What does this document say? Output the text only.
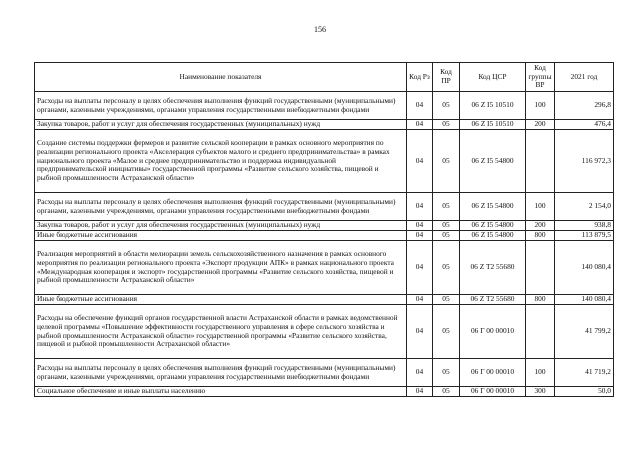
156
Наименование показателя	Код Рз	Код ПР	Код ЦСР	Код группы ВР	2021 год
Расходы на выплаты персоналу в целях обеспечения выполнения функций государственными (муниципальными) органами, казенными учреждениями, органами управления государственными внебюджетными фондами	04	05	06 Z I5 10510	100	296,8
Закупка товаров, работ и услуг для обеспечения государственных (муниципальных) нужд	04	05	06 Z I5 10510	200	476,4
Создание системы поддержки фермеров и развитие сельской кооперации в рамках основного мероприятия по реализации регионального проекта «Акселерация субъектов малого и среднего предпринимательства» в рамках национального проекта «Малое и среднее предпринимательство и поддержка индивидуальной предпринимательской инициативы» государственной программы «Развитие сельского хозяйства, пищевой и рыбной промышленности Астраханской области»	04	05	06 Z I5 54800		116 972,3
Расходы на выплаты персоналу в целях обеспечения выполнения функций государственными (муниципальными) органами, казенными учреждениями, органами управления государственными внебюджетными фондами	04	05	06 Z I5 54800	100	2 154,0
Закупка товаров, работ и услуг для обеспечения государственных (муниципальных) нужд	04	05	06 Z I5 54800	200	938,8
Иные бюджетные ассигнования	04	05	06 Z I5 54800	800	113 879,5
Реализация мероприятий в области мелиорации земель сельскохозяйственного назначения в рамках основного мероприятия по реализации регионального проекта «Экспорт продукции АПК» в рамках национального проекта «Международная кооперация и экспорт» государственной программы «Развитие сельского хозяйства, пищевой и рыбной промышленности Астраханской области»	04	05	06 Z T2 55680		140 080,4
Иные бюджетные ассигнования	04	05	06 Z T2 55680	800	140 080,4
Расходы на обеспечение функций органов государственной власти Астраханской области в рамках ведомственной целевой программы «Повышение эффективности государственного управления в сфере сельского хозяйства и рыбной промышленности Астраханской области» государственной программы «Развитие сельского хозяйства, пищевой и рыбной промышленности Астраханской области»	04	05	06 Г 00 00010		41 799,2
Расходы на выплаты персоналу в целях обеспечения выполнения функций государственными (муниципальными) органами, казенными учреждениями, органами управления государственными внебюджетными фондами	04	05	06 Г 00 00010	100	41 719,2
Социальное обеспечение и иные выплаты населению	04	05	06 Г 00 00010	300	50,0
